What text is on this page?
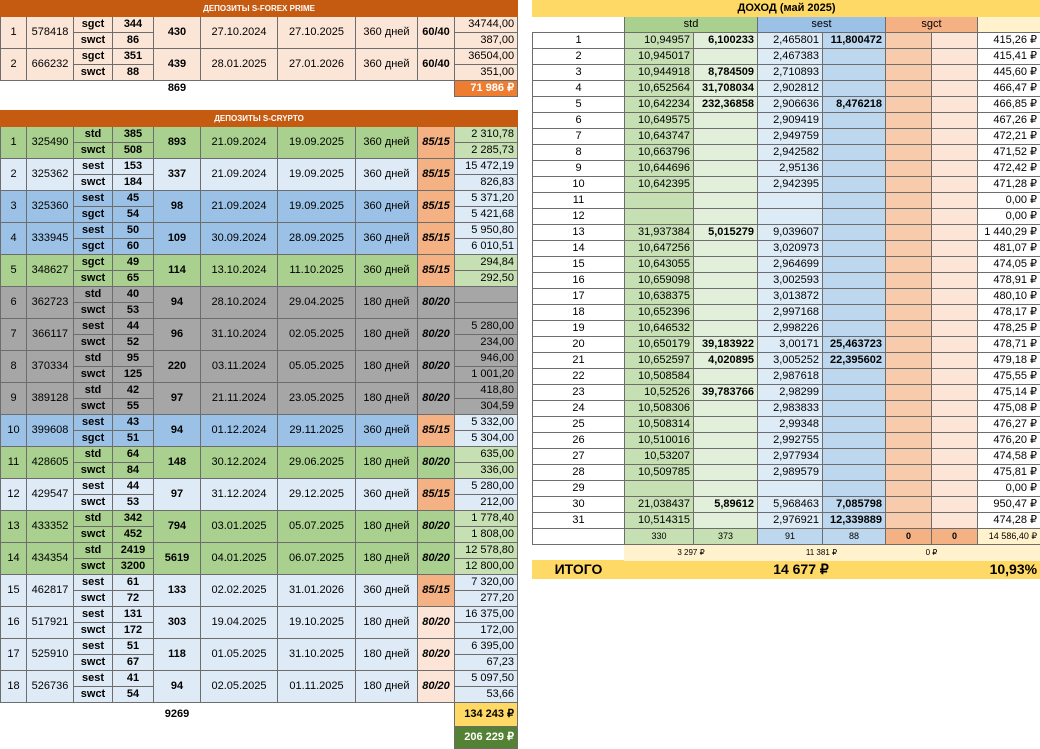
ДЕПОЗИТЫ S-FOREX PRIME									
1	578418	sgct	344	430	27.10.2024	27.10.2025	360 дней	60/40	34744,00
		swct	86						387,00
2	666232	sgct	351	439	28.01.2025	27.01.2026	360 дней	60/40	36504,00
		swct	88						351,00
				869					71 986 ₽
ДЕПОЗИТЫ S-CRYPTO									
1	325490	std	385	893	21.09.2024	19.09.2025	360 дней	85/15	2 310,78
		swct	508						2 285,73
2	325362	sest	153	337	21.09.2024	19.09.2025	360 дней	85/15	15 472,19
		swct	184						826,83
3	325360	sest	45	98	21.09.2024	19.09.2025	360 дней	85/15	5 371,20
		sgct	54						5 421,68
4	333945	sest	50	109	30.09.2024	28.09.2025	360 дней	85/15	5 950,80
		sgct	60						6 010,51
5	348627	sgct	49	114	13.10.2024	11.10.2025	360 дней	85/15	294,84
		swct	65						292,50
6	362723	std	40	94	28.10.2024	29.04.2025	180 дней	80/20	
		swct	53						
7	366117	sest	44	96	31.10.2024	02.05.2025	180 дней	80/20	5 280,00
		swct	52						234,00
8	370334	std	95	220	03.11.2024	05.05.2025	180 дней	80/20	946,00
		swct	125						1 001,20
9	389128	std	42	97	21.11.2024	23.05.2025	180 дней	80/20	418,80
		swct	55						304,59
10	399608	sest	43	94	01.12.2024	29.11.2025	360 дней	85/15	5 332,00
		sgct	51						5 304,00
11	428605	std	64	148	30.12.2024	29.06.2025	180 дней	80/20	635,00
		swct	84						336,00
12	429547	sest	44	97	31.12.2024	29.12.2025	360 дней	85/15	5 280,00
		swct	53						212,00
13	433352	std	342	794	03.01.2025	05.07.2025	180 дней	80/20	1 778,40
		swct	452						1 808,00
14	434354	std	2419	5619	04.01.2025	06.07.2025	180 дней	80/20	12 578,80
		swct	3200						12 800,00
15	462817	sest	61	133	02.02.2025	31.01.2026	360 дней	85/15	7 320,00
		swct	72						277,20
16	517921	sest	131	303	19.04.2025	19.10.2025	180 дней	80/20	16 375,00
		swct	172						172,00
17	525910	sest	51	118	01.05.2025	31.10.2025	180 дней	80/20	6 395,00
		swct	67						67,23
18	526736	sest	41	94	02.05.2025	01.11.2025	180 дней	80/20	5 097,50
		swct	54						53,66
				9269					134 243 ₽
									206 229 ₽
ДОХОД (май 2025)							
	std		sest		sgct		
1	10,94957	6,100233	2,465801	11,800472			415,26 ₽
2	10,945017		2,467383				415,41 ₽
3	10,944918	8,784509	2,710893				445,60 ₽
4	10,652564	31,708034	2,902812				466,47 ₽
5	10,642234	232,36858	2,906636	8,476218			466,85 ₽
6	10,649575		2,909419				467,26 ₽
7	10,643747		2,949759				472,21 ₽
8	10,663796		2,942582				471,52 ₽
9	10,644696		2,95136				472,42 ₽
10	10,642395		2,942395				471,28 ₽
11							0,00 ₽
12							0,00 ₽
13	31,937384	5,015279	9,039607				1 440,29 ₽
14	10,647256		3,020973				481,07 ₽
15	10,643055		2,964699				474,05 ₽
16	10,659098		3,002593				478,91 ₽
17	10,638375		3,013872				480,10 ₽
18	10,652396		2,997168				478,17 ₽
19	10,646532		2,998226				478,25 ₽
20	10,650179	39,183922	3,00171	25,463723			478,71 ₽
21	10,652597	4,020895	3,005252	22,395602			479,18 ₽
22	10,508584		2,987618				475,55 ₽
23	10,52526	39,783766	2,98299				475,14 ₽
24	10,508306		2,983833				475,08 ₽
25	10,508314		2,99348				476,27 ₽
26	10,510016		2,992755				476,20 ₽
27	10,53207		2,977934				474,58 ₽
28	10,509785		2,989579				475,81 ₽
29							0,00 ₽
30	21,038437	5,89612	5,968463	7,085798			950,47 ₽
31	10,514315		2,976921	12,339889			474,28 ₽
	330	373	91	88	0	0	14 586,40 ₽
	3 297 ₽		11 381 ₽		0 ₽		
ИТОГО	14 677 ₽						10,93%
